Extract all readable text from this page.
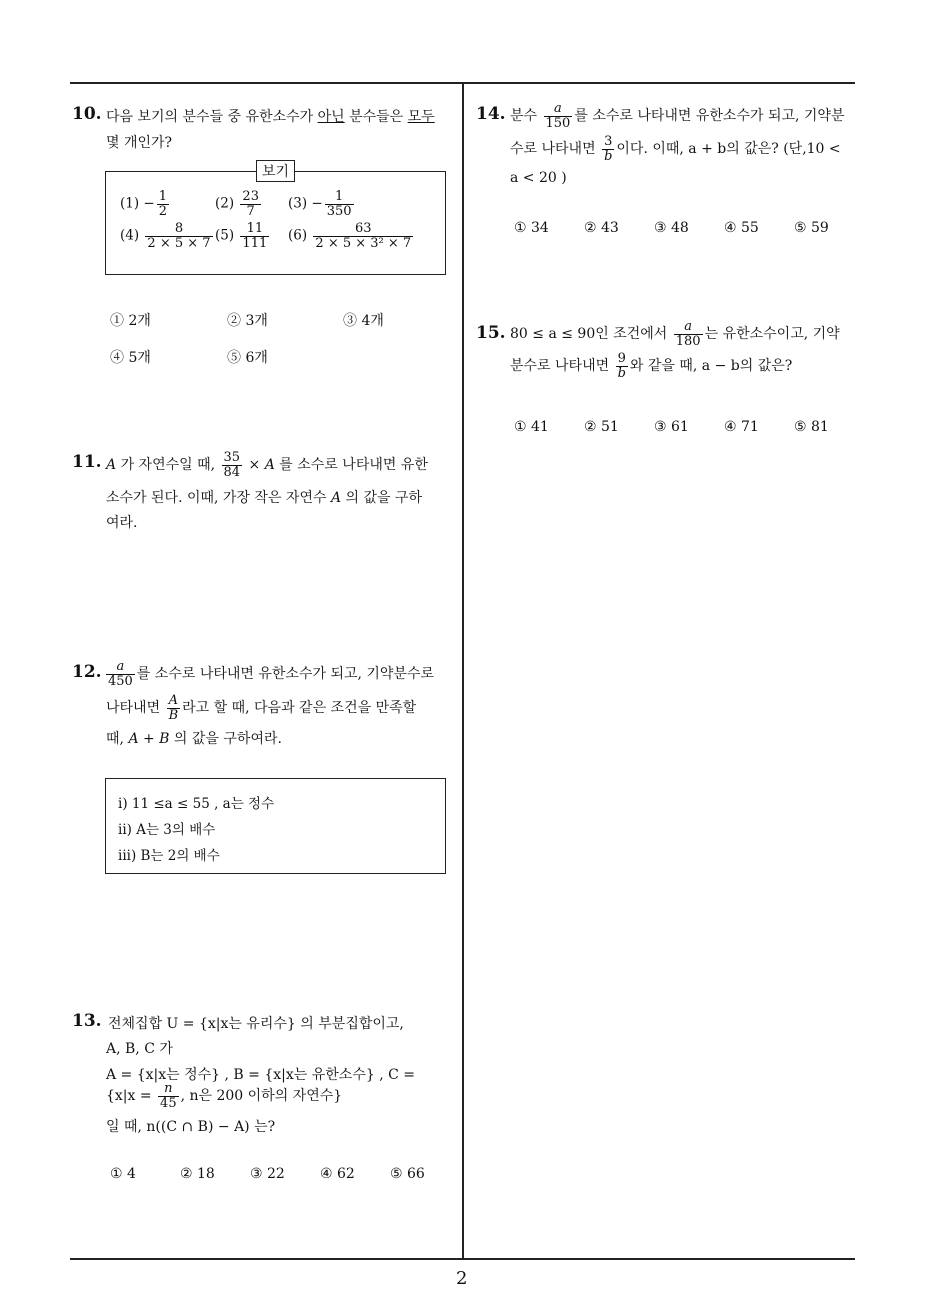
10. 다음 보기의 분수들 중 유한소수가 아닌 분수들은 모두
몇 개인가?
보기
$(1) - \frac{1}{2}$	$(2) \frac{23}{7} (3) - \frac{1}{350}$
$(4) \frac{8}{2 \times 5 \times 7} (5) \frac{11}{111} (6) \frac{63}{\text{2 × 5 × 3² × 7}}$
① 2개	② 3개	③ 4개
④ 5개	⑤ 6개
11. A 가 자연수일 때, $\frac{35}{84} \times A$ 를 소수로 나타내면 유한
소수가 된다. 이때, 가장 작은 자연수 A 의 값을 구하
여라.
12. $\frac{a}{450}$ 를 소수로 나타내면 유한소수가 되고, 기약분수로
나타내면 $\frac{A}{B}$ 라고 할 때, 다음과 같은 조건을 만족할
때, A + B 의 값을 구하여라.
i) 11 ≤a ≤ 55 , a는 정수
ii) A는 3의 배수
iii) B는 2의 배수
13. 전체집합 U = {x|x는 유리수} 의 부분집합이고,
A, B, C 가
A = {x|x는 정수} , B = {x|x는 유한소수} , C =
{$x|x = \frac{n}{45}$ , n은 200 이하의 자연수}
일 때, n((C ∩ B) − A) 는?
① 4	② 18	③ 22	④ 62	⑤ 66
14. 분수 $\frac{a}{150}$ 를 소수로 나타내면 유한소수가 되고, 기약분
수로 나타내면 $\frac{3}{b}$ 이다. 이때, a + b의 값은? (단,10 <
a < 20 )
① 34	② 43	③ 48	④ 55	⑤ 59
15. 80 ≤ a ≤ 90인 조건에서 $\frac{a}{180}$ 는 유한소수이고, 기약
분수로 나타내면 $\frac{9}{b}$ 와 같을 때, a − b의 값은?
① 41	② 51	③ 61	④ 71	⑤ 81
2
